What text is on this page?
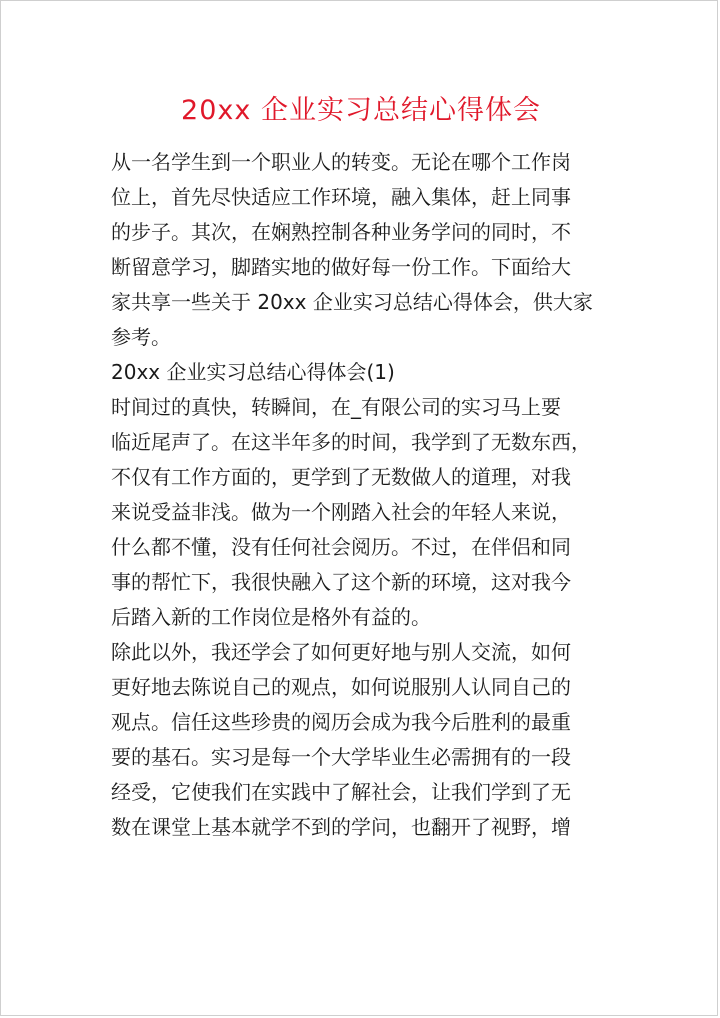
20xx 企业实习总结心得体会
从一名学生到一个职业人的转变。无论在哪个工作岗
位上，首先尽快适应工作环境，融入集体，赶上同事
的步子。其次，在娴熟控制各种业务学问的同时，不
断留意学习，脚踏实地的做好每一份工作。下面给大
家共享一些关于 20xx 企业实习总结心得体会，供大家
参考。
20xx 企业实习总结心得体会(1)
时间过的真快，转瞬间，在_有限公司的实习马上要
临近尾声了。在这半年多的时间，我学到了无数东西，
不仅有工作方面的，更学到了无数做人的道理，对我
来说受益非浅。做为一个刚踏入社会的年轻人来说，
什么都不懂，没有任何社会阅历。不过，在伴侣和同
事的帮忙下，我很快融入了这个新的环境，这对我今
后踏入新的工作岗位是格外有益的。
除此以外，我还学会了如何更好地与别人交流，如何
更好地去陈说自己的观点，如何说服别人认同自己的
观点。信任这些珍贵的阅历会成为我今后胜利的最重
要的基石。实习是每一个大学毕业生必需拥有的一段
经受，它使我们在实践中了解社会，让我们学到了无
数在课堂上基本就学不到的学问，也翻开了视野，增
